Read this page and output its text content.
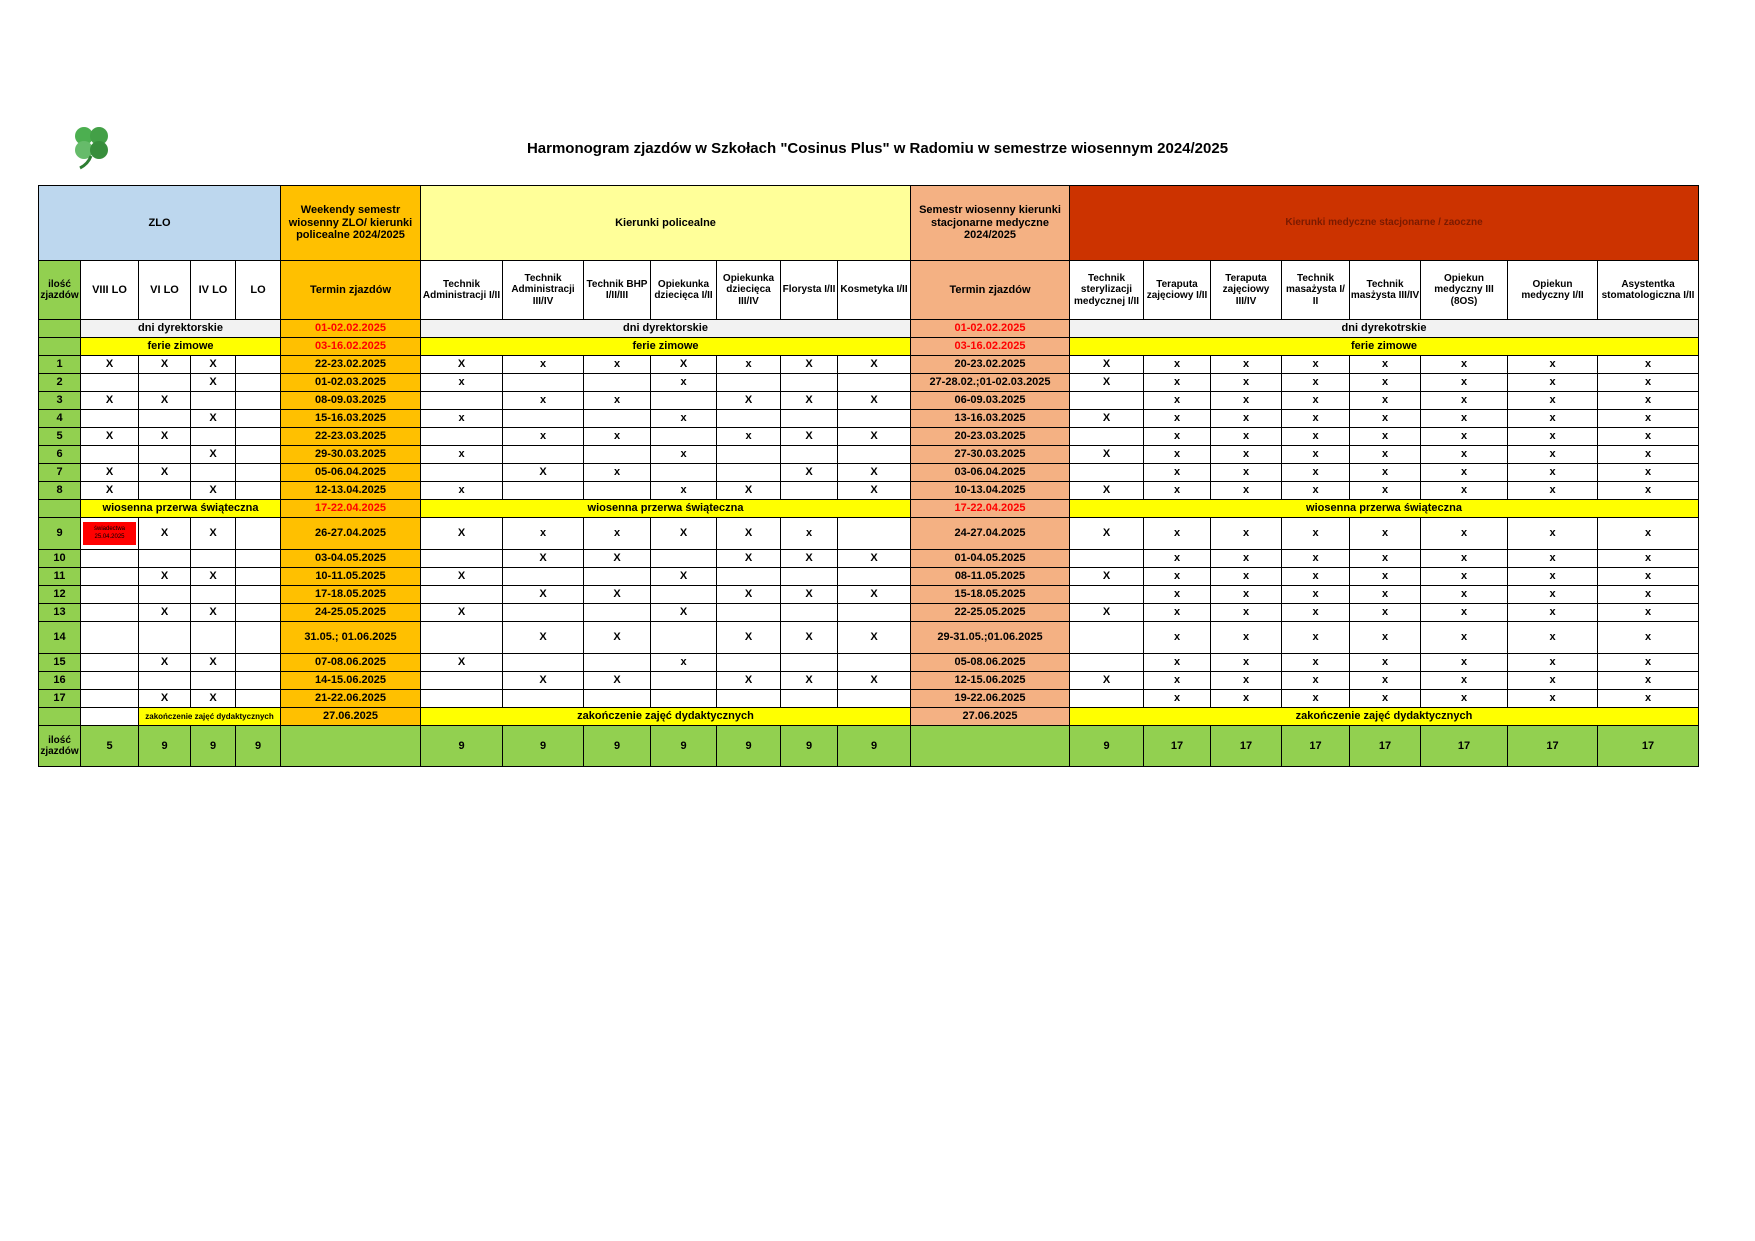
Harmonogram zjazdów w Szkołach "Cosinus Plus" w Radomiu w semestrze wiosennym 2024/2025
ZLO					Weekendy semestr wiosenny ZLO/ kierunki policealne 2024/2025	Kierunki policealne							Semestr wiosenny kierunki stacjonarne medyczne 2024/2025	Kierunki medyczne stacjonarne / zaoczne							
ilość zjazdów	VIII LO	VI LO	IV LO	LO	Termin zjazdów	Technik Administracji I/II	Technik Administracji III/IV	Technik BHP I/II/III	Opiekunka dziecięca I/II	Opiekunka dziecięca III/IV	Florysta I/II	Kosmetyka I/II	Termin zjazdów	Technik sterylizacji medycznej I/II	Teraputa zajęciowy I/II	Teraputa zajęciowy III/IV	Technik masażysta I/ II	Technik masżysta III/IV	Opiekun medyczny III (8OS)	Opiekun medyczny I/II	Asystentka stomatologiczna I/II
	dni dyrektorskie				01-02.02.2025	dni dyrektorskie							01-02.02.2025	dni dyrekotrskie							
	ferie zimowe				03-16.02.2025	ferie zimowe							03-16.02.2025	ferie zimowe							
1	X	X	X		22-23.02.2025	X	x	x	X	x	X	X	20-23.02.2025	X	x	x	x	x	x	x	x
2			X		01-02.03.2025	x			x				27-28.02.;01-02.03.2025	X	x	x	x	x	x	x	x
3	X	X			08-09.03.2025		x	x		X	X	X	06-09.03.2025		x	x	x	x	x	x	x
4			X		15-16.03.2025	x			x				13-16.03.2025	X	x	x	x	x	x	x	x
5	X	X			22-23.03.2025		x	x		x	X	X	20-23.03.2025		x	x	x	x	x	x	x
6			X		29-30.03.2025	x			x				27-30.03.2025	X	x	x	x	x	x	x	x
7	X	X			05-06.04.2025		X	x			X	X	03-06.04.2025		x	x	x	x	x	x	x
8	X		X		12-13.04.2025	x			x	X		X	10-13.04.2025	X	x	x	x	x	x	x	x
	wiosenna przerwa świąteczna				17-22.04.2025	wiosenna przerwa świąteczna							17-22.04.2025	wiosenna przerwa świąteczna							
9	świadectwa 25.04.2025	X	X		26-27.04.2025	X	x	x	X	X	x		24-27.04.2025	X	x	x	x	x	x	x	x
10					03-04.05.2025		X	X		X	X	X	01-04.05.2025		x	x	x	x	x	x	x
11		X	X		10-11.05.2025	X			X				08-11.05.2025	X	x	x	x	x	x	x	x
12					17-18.05.2025		X	X		X	X	X	15-18.05.2025		x	x	x	x	x	x	x
13		X	X		24-25.05.2025	X			X				22-25.05.2025	X	x	x	x	x	x	x	x
14					31.05.; 01.06.2025		X	X		X	X	X	29-31.05.;01.06.2025		x	x	x	x	x	x	x
15		X	X		07-08.06.2025	X			x				05-08.06.2025		x	x	x	x	x	x	x
16					14-15.06.2025		X	X		X	X	X	12-15.06.2025	X	x	x	x	x	x	x	x
17		X	X		21-22.06.2025								19-22.06.2025		x	x	x	x	x	x	x
		zakończenie zajęć dydaktycznych			27.06.2025	zakończenie zajęć dydaktycznych							27.06.2025	zakończenie zajęć dydaktycznych							
ilość zjazdów	5	9	9	9		9	9	9	9	9	9	9		9	17	17	17	17	17	17	17
